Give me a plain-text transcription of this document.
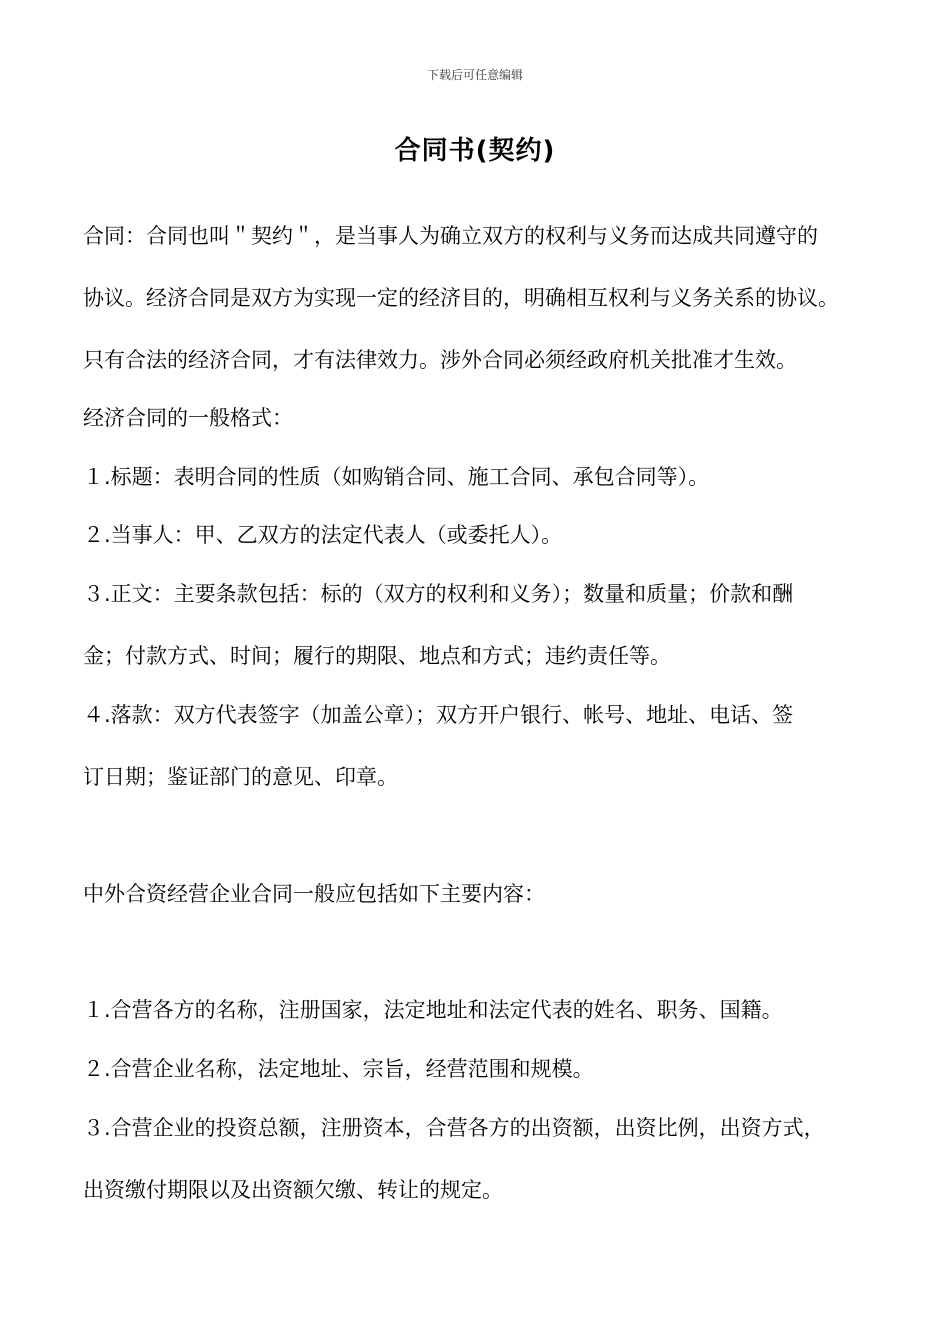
下载后可任意编辑
合同书(契约)
合同：合同也叫＂契约＂，是当事人为确立双方的权利与义务而达成共同遵守的
协议。经济合同是双方为实现一定的经济目的，明确相互权利与义务关系的协议。
只有合法的经济合同，才有法律效力。涉外合同必须经政府机关批准才生效。
经济合同的一般格式：
１.标题：表明合同的性质（如购销合同、施工合同、承包合同等）。
２.当事人：甲、乙双方的法定代表人（或委托人）。
３.正文：主要条款包括：标的（双方的权利和义务）；数量和质量；价款和酬
金；付款方式、时间；履行的期限、地点和方式；违约责任等。
４.落款：双方代表签字（加盖公章）；双方开户银行、帐号、地址、电话、签
订日期；鉴证部门的意见、印章。
中外合资经营企业合同一般应包括如下主要内容：
１.合营各方的名称，注册国家，法定地址和法定代表的姓名、职务、国籍。
２.合营企业名称，法定地址、宗旨，经营范围和规模。
３.合营企业的投资总额，注册资本，合营各方的出资额，出资比例，出资方式，
出资缴付期限以及出资额欠缴、转让的规定。
